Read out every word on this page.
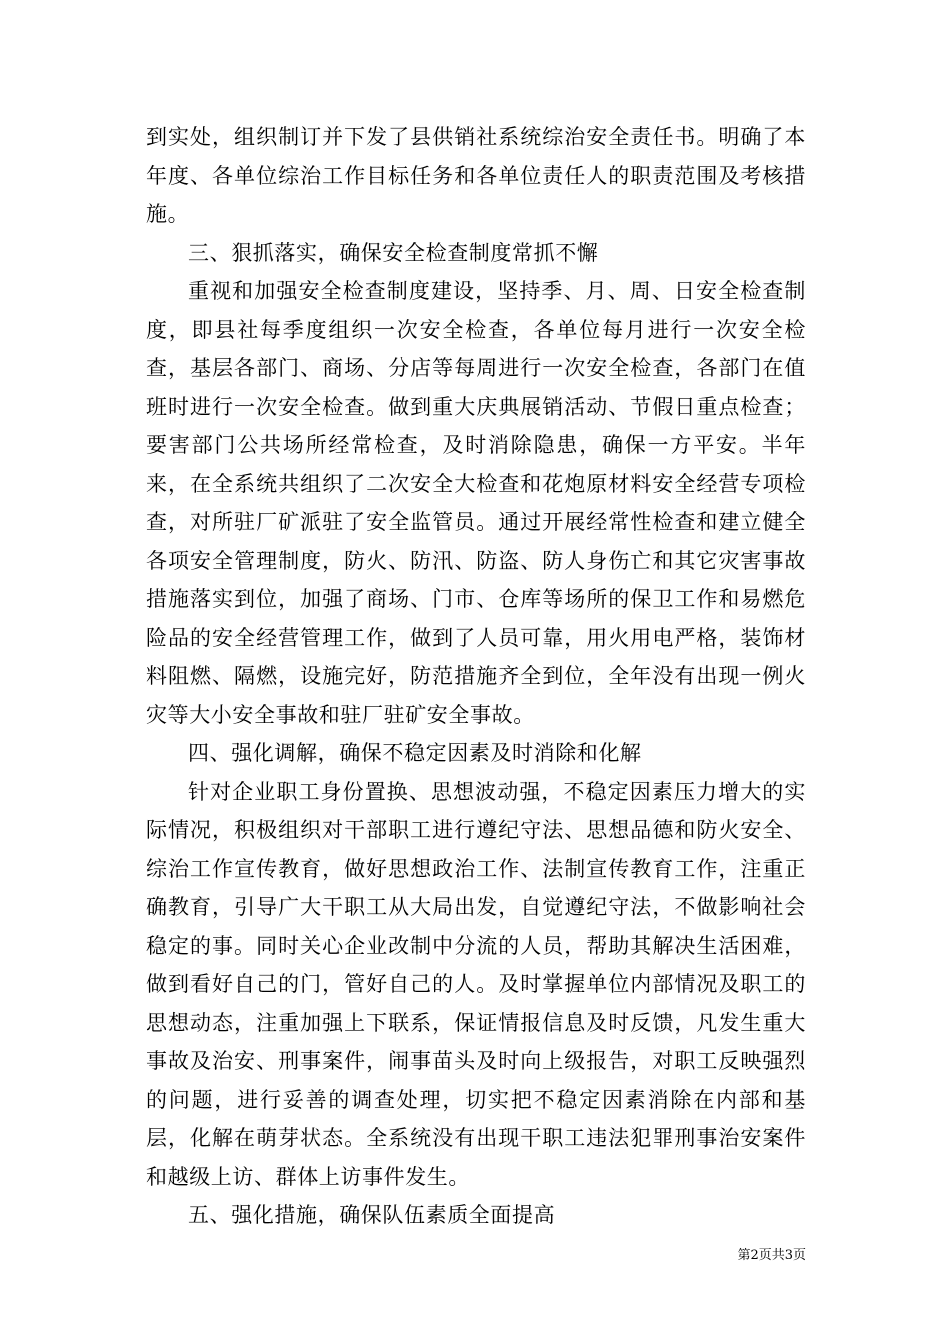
到实处，组织制订并下发了县供销社系统综治安全责任书。明确了本年度、各单位综治工作目标任务和各单位责任人的职责范围及考核措施。

三、狠抓落实，确保安全检查制度常抓不懈

重视和加强安全检查制度建设，坚持季、月、周、日安全检查制度，即县社每季度组织一次安全检查，各单位每月进行一次安全检查，基层各部门、商场、分店等每周进行一次安全检查，各部门在值班时进行一次安全检查。做到重大庆典展销活动、节假日重点检查；要害部门公共场所经常检查，及时消除隐患，确保一方平安。半年来，在全系统共组织了二次安全大检查和花炮原材料安全经营专项检查，对所驻厂矿派驻了安全监管员。通过开展经常性检查和建立健全各项安全管理制度，防火、防汛、防盗、防人身伤亡和其它灾害事故措施落实到位，加强了商场、门市、仓库等场所的保卫工作和易燃危险品的安全经营管理工作，做到了人员可靠，用火用电严格，装饰材料阻燃、隔燃，设施完好，防范措施齐全到位，全年没有出现一例火灾等大小安全事故和驻厂驻矿安全事故。

四、强化调解，确保不稳定因素及时消除和化解

针对企业职工身份置换、思想波动强，不稳定因素压力增大的实际情况，积极组织对干部职工进行遵纪守法、思想品德和防火安全、综治工作宣传教育，做好思想政治工作、法制宣传教育工作，注重正确教育，引导广大干职工从大局出发，自觉遵纪守法，不做影响社会稳定的事。同时关心企业改制中分流的人员，帮助其解决生活困难，做到看好自己的门，管好自己的人。及时掌握单位内部情况及职工的思想动态，注重加强上下联系，保证情报信息及时反馈，凡发生重大事故及治安、刑事案件，闹事苗头及时向上级报告，对职工反映强烈的问题，进行妥善的调查处理，切实把不稳定因素消除在内部和基层，化解在萌芽状态。全系统没有出现干职工违法犯罪刑事治安案件和越级上访、群体上访事件发生。

五、强化措施，确保队伍素质全面提高

第2页共3页
